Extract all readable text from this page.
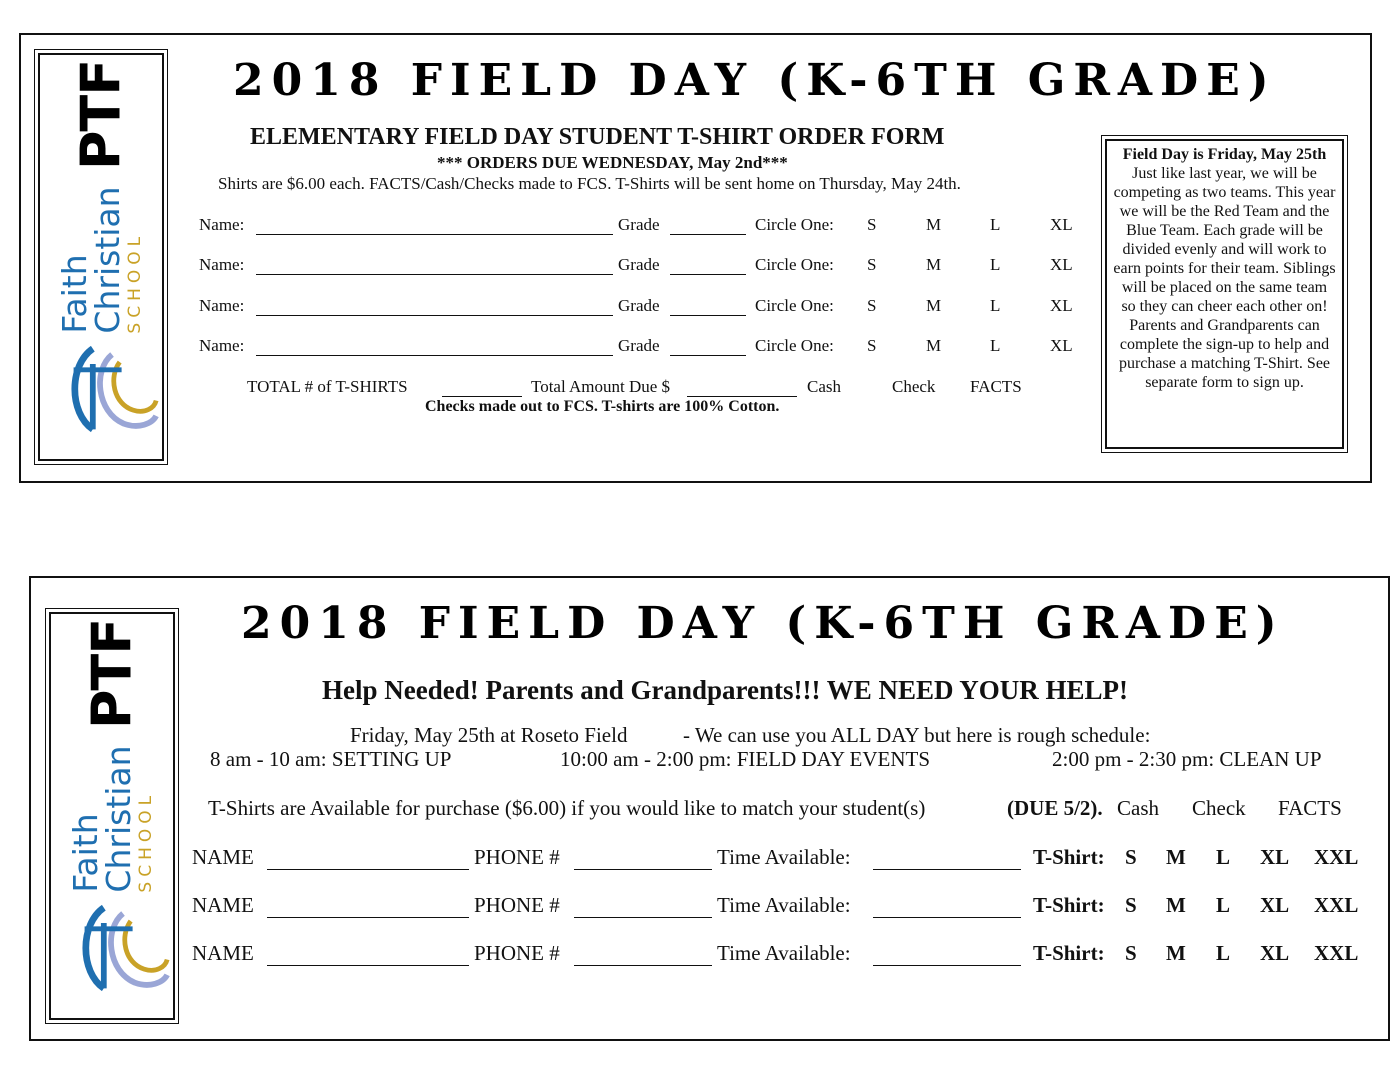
PTF
Faith
Christian
SCHOOL
2018 FIELD DAY (K-6TH GRADE)
ELEMENTARY FIELD DAY STUDENT T-SHIRT ORDER FORM
*** ORDERS DUE WEDNESDAY, May 2nd***
Shirts are $6.00 each. FACTS/Cash/Checks made to FCS. T-Shirts will be sent home on Thursday, May 24th.
Name:	Grade	Circle One: S	M	L	XL
Name:	Grade	Circle One: S	M	L	XL
Name:	Grade	Circle One: S	M	L	XL
Name:	Grade	Circle One: S	M	L	XL
TOTAL # of T-SHIRTS	Total Amount Due $	Cash	Check FACTS
Checks made out to FCS. T-shirts are 100% Cotton.
Field Day is Friday, May 25th
Just like last year, we will be competing as two teams. This year we will be the Red Team and the Blue Team. Each grade will be divided evenly and will work to earn points for their team. Siblings will be placed on the same team so they can cheer each other on! Parents and Grandparents can complete the sign-up to help and purchase a matching T-Shirt. See separate form to sign up.
PTF
Faith
Christian
SCHOOL
2018 FIELD DAY (K-6TH GRADE)
Help Needed! Parents and Grandparents!!! WE NEED YOUR HELP!
Friday, May 25th at Roseto Field	- We can use you ALL DAY but here is rough schedule:
8 am - 10 am: SETTING UP	10:00 am - 2:00 pm: FIELD DAY EVENTS	2:00 pm - 2:30 pm: CLEAN UP
T-Shirts are Available for purchase ($6.00) if you would like to match your student(s)	(DUE 5/2). Cash Check FACTS
NAME	PHONE #	Time Available:	T-Shirt: S M L XL XXL
NAME	PHONE #	Time Available:	T-Shirt: S M L XL XXL
NAME	PHONE #	Time Available:	T-Shirt: S M L XL XXL
